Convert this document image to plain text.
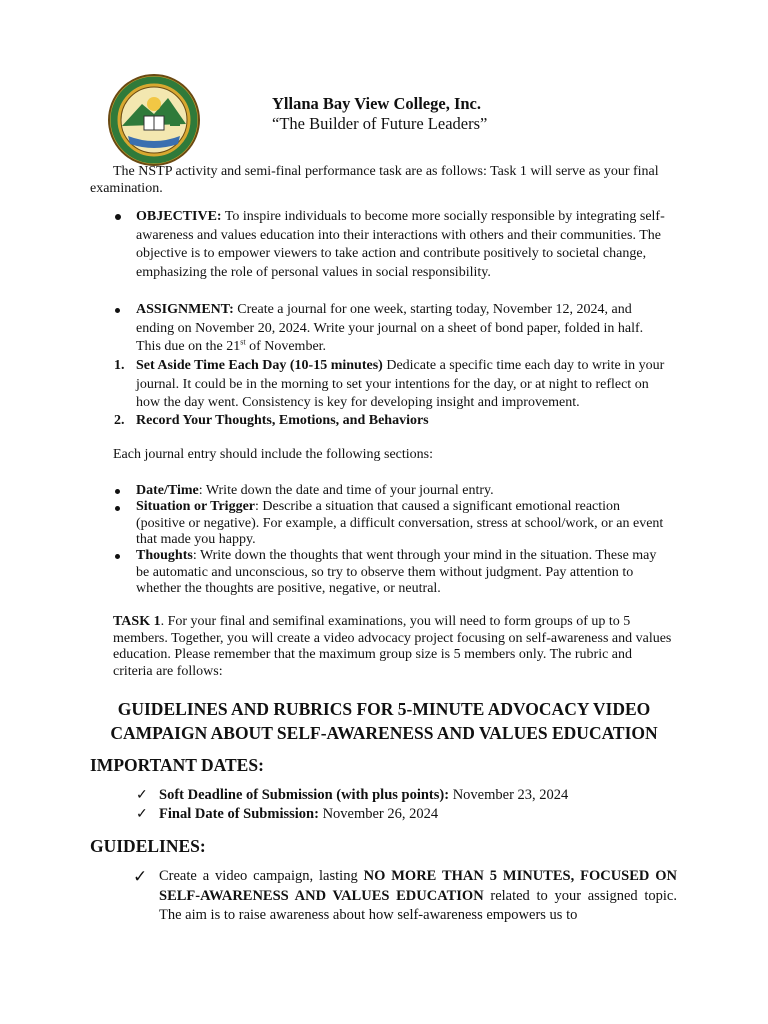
Yllana Bay View College, Inc.
“The Builder of Future Leaders”
The NSTP activity and semi-final performance task are as follows: Task 1 will serve as your final examination.
OBJECTIVE: To inspire individuals to become more socially responsible by integrating self-awareness and values education into their interactions with others and their communities. The objective is to empower viewers to take action and contribute positively to societal change, emphasizing the role of personal values in social responsibility.
ASSIGNMENT: Create a journal for one week, starting today, November 12, 2024, and ending on November 20, 2024. Write your journal on a sheet of bond paper, folded in half. This due on the 21st of November.
1. Set Aside Time Each Day (10-15 minutes) Dedicate a specific time each day to write in your journal. It could be in the morning to set your intentions for the day, or at night to reflect on how the day went. Consistency is key for developing insight and improvement.
2. Record Your Thoughts, Emotions, and Behaviors
Each journal entry should include the following sections:
Date/Time: Write down the date and time of your journal entry.
Situation or Trigger: Describe a situation that caused a significant emotional reaction (positive or negative). For example, a difficult conversation, stress at school/work, or an event that made you happy.
Thoughts: Write down the thoughts that went through your mind in the situation. These may be automatic and unconscious, so try to observe them without judgment. Pay attention to whether the thoughts are positive, negative, or neutral.
TASK 1. For your final and semifinal examinations, you will need to form groups of up to 5 members. Together, you will create a video advocacy project focusing on self-awareness and values education. Please remember that the maximum group size is 5 members only. The rubric and criteria are follows:
GUIDELINES AND RUBRICS FOR 5-MINUTE ADVOCACY VIDEO
CAMPAIGN ABOUT SELF-AWARENESS AND VALUES EDUCATION
IMPORTANT DATES:
✓ Soft Deadline of Submission (with plus points): November 23, 2024
✓ Final Date of Submission: November 26, 2024
GUIDELINES:
✓ Create a video campaign, lasting NO MORE THAN 5 MINUTES, FOCUSED ON SELF-AWARENESS AND VALUES EDUCATION related to your assigned topic. The aim is to raise awareness about how self-awareness empowers us to
